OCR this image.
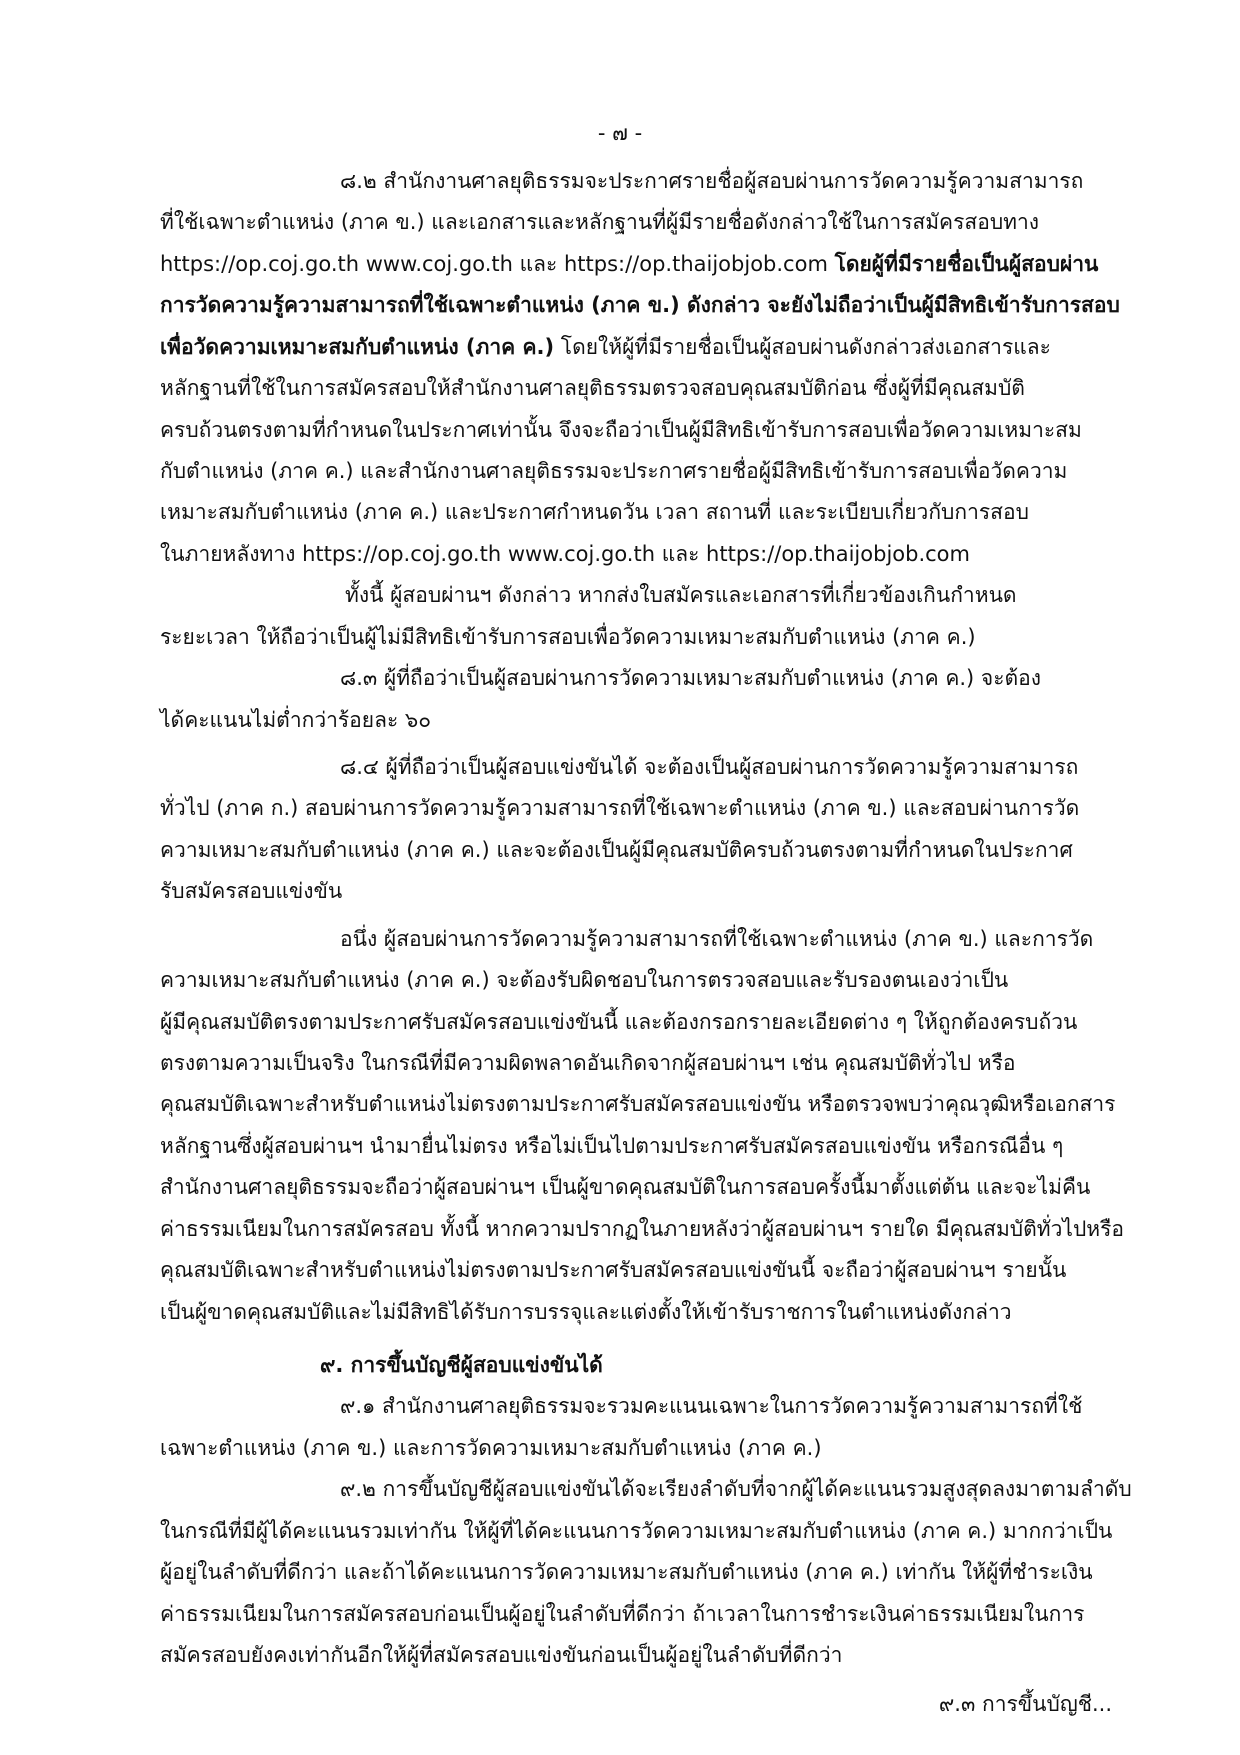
- ๗ -
๘.๒ สำนักงานศาลยุติธรรมจะประกาศรายชื่อผู้สอบผ่านการวัดความรู้ความสามารถ
ที่ใช้เฉพาะตำแหน่ง (ภาค ข.) และเอกสารและหลักฐานที่ผู้มีรายชื่อดังกล่าวใช้ในการสมัครสอบทาง
https://op.coj.go.th www.coj.go.th และ https://op.thaijobjob.com โดยผู้ที่มีรายชื่อเป็นผู้สอบผ่าน
การวัดความรู้ความสามารถที่ใช้เฉพาะตำแหน่ง (ภาค ข.) ดังกล่าว จะยังไม่ถือว่าเป็นผู้มีสิทธิเข้ารับการสอบ
เพื่อวัดความเหมาะสมกับตำแหน่ง (ภาค ค.) โดยให้ผู้ที่มีรายชื่อเป็นผู้สอบผ่านดังกล่าวส่งเอกสารและ
หลักฐานที่ใช้ในการสมัครสอบให้สำนักงานศาลยุติธรรมตรวจสอบคุณสมบัติก่อน ซึ่งผู้ที่มีคุณสมบัติ
ครบถ้วนตรงตามที่กำหนดในประกาศเท่านั้น จึงจะถือว่าเป็นผู้มีสิทธิเข้ารับการสอบเพื่อวัดความเหมาะสม
กับตำแหน่ง (ภาค ค.) และสำนักงานศาลยุติธรรมจะประกาศรายชื่อผู้มีสิทธิเข้ารับการสอบเพื่อวัดความ
เหมาะสมกับตำแหน่ง (ภาค ค.) และประกาศกำหนดวัน เวลา สถานที่ และระเบียบเกี่ยวกับการสอบ
ในภายหลังทาง https://op.coj.go.th www.coj.go.th และ https://op.thaijobjob.com
ทั้งนี้ ผู้สอบผ่านฯ ดังกล่าว หากส่งใบสมัครและเอกสารที่เกี่ยวข้องเกินกำหนด
ระยะเวลา ให้ถือว่าเป็นผู้ไม่มีสิทธิเข้ารับการสอบเพื่อวัดความเหมาะสมกับตำแหน่ง (ภาค ค.)
๘.๓ ผู้ที่ถือว่าเป็นผู้สอบผ่านการวัดความเหมาะสมกับตำแหน่ง (ภาค ค.) จะต้อง
ได้คะแนนไม่ต่ำกว่าร้อยละ ๖๐
๘.๔ ผู้ที่ถือว่าเป็นผู้สอบแข่งขันได้ จะต้องเป็นผู้สอบผ่านการวัดความรู้ความสามารถ
ทั่วไป (ภาค ก.) สอบผ่านการวัดความรู้ความสามารถที่ใช้เฉพาะตำแหน่ง (ภาค ข.) และสอบผ่านการวัด
ความเหมาะสมกับตำแหน่ง (ภาค ค.) และจะต้องเป็นผู้มีคุณสมบัติครบถ้วนตรงตามที่กำหนดในประกาศ
รับสมัครสอบแข่งขัน
อนึ่ง ผู้สอบผ่านการวัดความรู้ความสามารถที่ใช้เฉพาะตำแหน่ง (ภาค ข.) และการวัด
ความเหมาะสมกับตำแหน่ง (ภาค ค.) จะต้องรับผิดชอบในการตรวจสอบและรับรองตนเองว่าเป็น
ผู้มีคุณสมบัติตรงตามประกาศรับสมัครสอบแข่งขันนี้ และต้องกรอกรายละเอียดต่าง ๆ ให้ถูกต้องครบถ้วน
ตรงตามความเป็นจริง ในกรณีที่มีความผิดพลาดอันเกิดจากผู้สอบผ่านฯ เช่น คุณสมบัติทั่วไป หรือ
คุณสมบัติเฉพาะสำหรับตำแหน่งไม่ตรงตามประกาศรับสมัครสอบแข่งขัน หรือตรวจพบว่าคุณวุฒิหรือเอกสาร
หลักฐานซึ่งผู้สอบผ่านฯ นำมายื่นไม่ตรง หรือไม่เป็นไปตามประกาศรับสมัครสอบแข่งขัน หรือกรณีอื่น ๆ
สำนักงานศาลยุติธรรมจะถือว่าผู้สอบผ่านฯ เป็นผู้ขาดคุณสมบัติในการสอบครั้งนี้มาตั้งแต่ต้น และจะไม่คืน
ค่าธรรมเนียมในการสมัครสอบ ทั้งนี้ หากความปรากฏในภายหลังว่าผู้สอบผ่านฯ รายใด มีคุณสมบัติทั่วไปหรือ
คุณสมบัติเฉพาะสำหรับตำแหน่งไม่ตรงตามประกาศรับสมัครสอบแข่งขันนี้ จะถือว่าผู้สอบผ่านฯ รายนั้น
เป็นผู้ขาดคุณสมบัติและไม่มีสิทธิได้รับการบรรจุและแต่งตั้งให้เข้ารับราชการในตำแหน่งดังกล่าว
๙. การขึ้นบัญชีผู้สอบแข่งขันได้
๙.๑ สำนักงานศาลยุติธรรมจะรวมคะแนนเฉพาะในการวัดความรู้ความสามารถที่ใช้
เฉพาะตำแหน่ง (ภาค ข.) และการวัดความเหมาะสมกับตำแหน่ง (ภาค ค.)
๙.๒ การขึ้นบัญชีผู้สอบแข่งขันได้จะเรียงลำดับที่จากผู้ได้คะแนนรวมสูงสุดลงมาตามลำดับ
ในกรณีที่มีผู้ได้คะแนนรวมเท่ากัน ให้ผู้ที่ได้คะแนนการวัดความเหมาะสมกับตำแหน่ง (ภาค ค.) มากกว่าเป็น
ผู้อยู่ในลำดับที่ดีกว่า และถ้าได้คะแนนการวัดความเหมาะสมกับตำแหน่ง (ภาค ค.) เท่ากัน ให้ผู้ที่ชำระเงิน
ค่าธรรมเนียมในการสมัครสอบก่อนเป็นผู้อยู่ในลำดับที่ดีกว่า ถ้าเวลาในการชำระเงินค่าธรรมเนียมในการ
สมัครสอบยังคงเท่ากันอีกให้ผู้ที่สมัครสอบแข่งขันก่อนเป็นผู้อยู่ในลำดับที่ดีกว่า
๙.๓ การขึ้นบัญชี...
